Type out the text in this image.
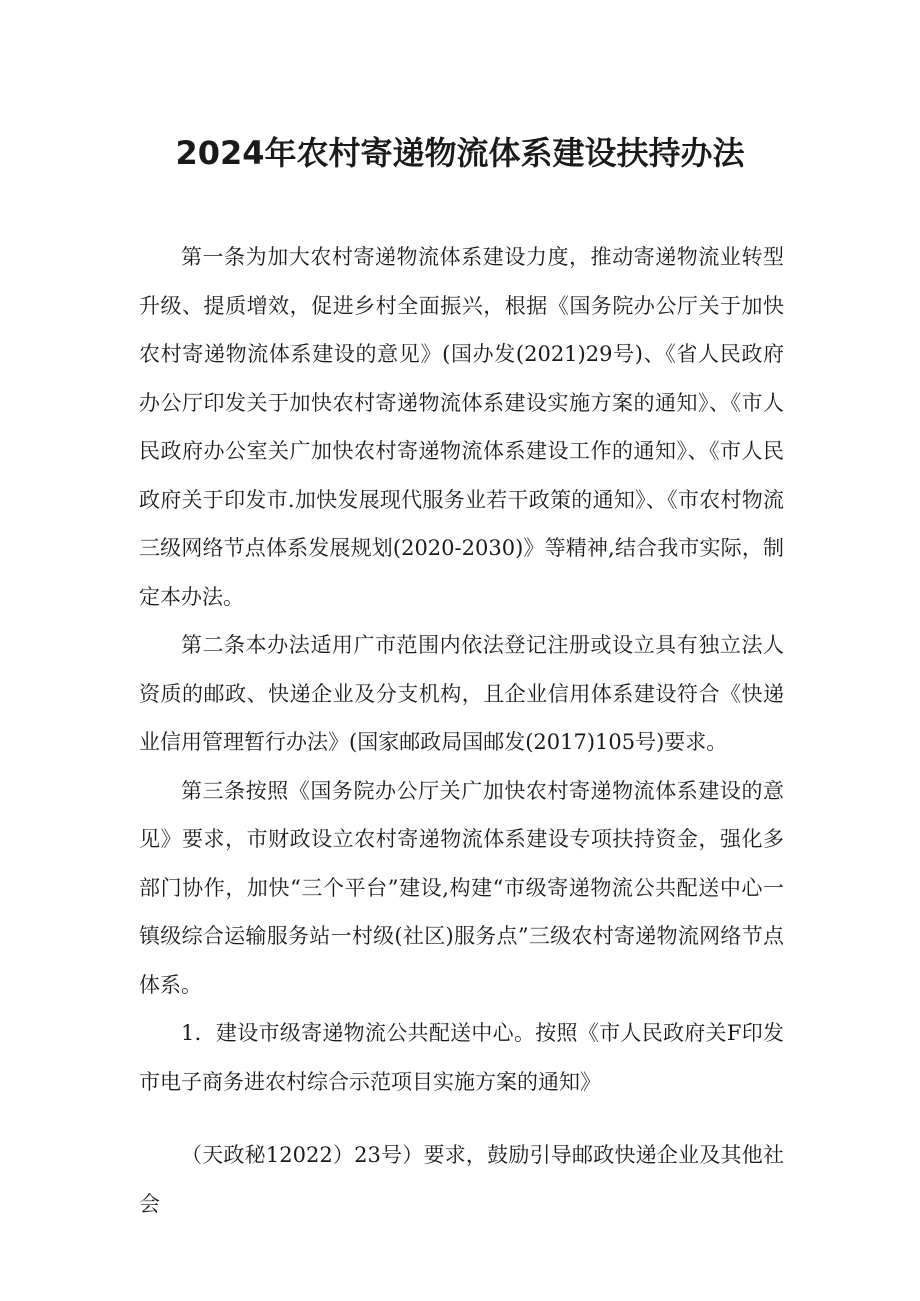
2024年农村寄递物流体系建设扶持办法

第一条为加大农村寄递物流体系建设力度，推动寄递物流业转型升级、提质增效，促进乡村全面振兴，根据《国务院办公厅关于加快农村寄递物流体系建设的意见》(国办发(2021)29号)、《省人民政府办公厅印发关于加快农村寄递物流体系建设实施方案的通知》、《市人民政府办公室关广加快农村寄递物流体系建设工作的通知》、《市人民政府关于印发市.加快发展现代服务业若干政策的通知》、《市农村物流三级网络节点体系发展规划(2020-2030)》等精神,结合我市实际，制定本办法。

第二条本办法适用广市范围内依法登记注册或设立具有独立法人资质的邮政、快递企业及分支机构，且企业信用体系建设符合《快递业信用管理暂行办法》(国家邮政局国邮发(2017)105号)要求。

第三条按照《国务院办公厅关广加快农村寄递物流体系建设的意见》要求，市财政设立农村寄递物流体系建设专项扶持资金，强化多部门协作，加快“三个平台”建设,构建“市级寄递物流公共配送中心一镇级综合运输服务站一村级(社区)服务点”三级农村寄递物流网络节点体系。

1．建设市级寄递物流公共配送中心。按照《市人民政府关F印发市电子商务进农村综合示范项目实施方案的通知》

（天政秘12022）23号）要求，鼓励引导邮政快递企业及其他社会
